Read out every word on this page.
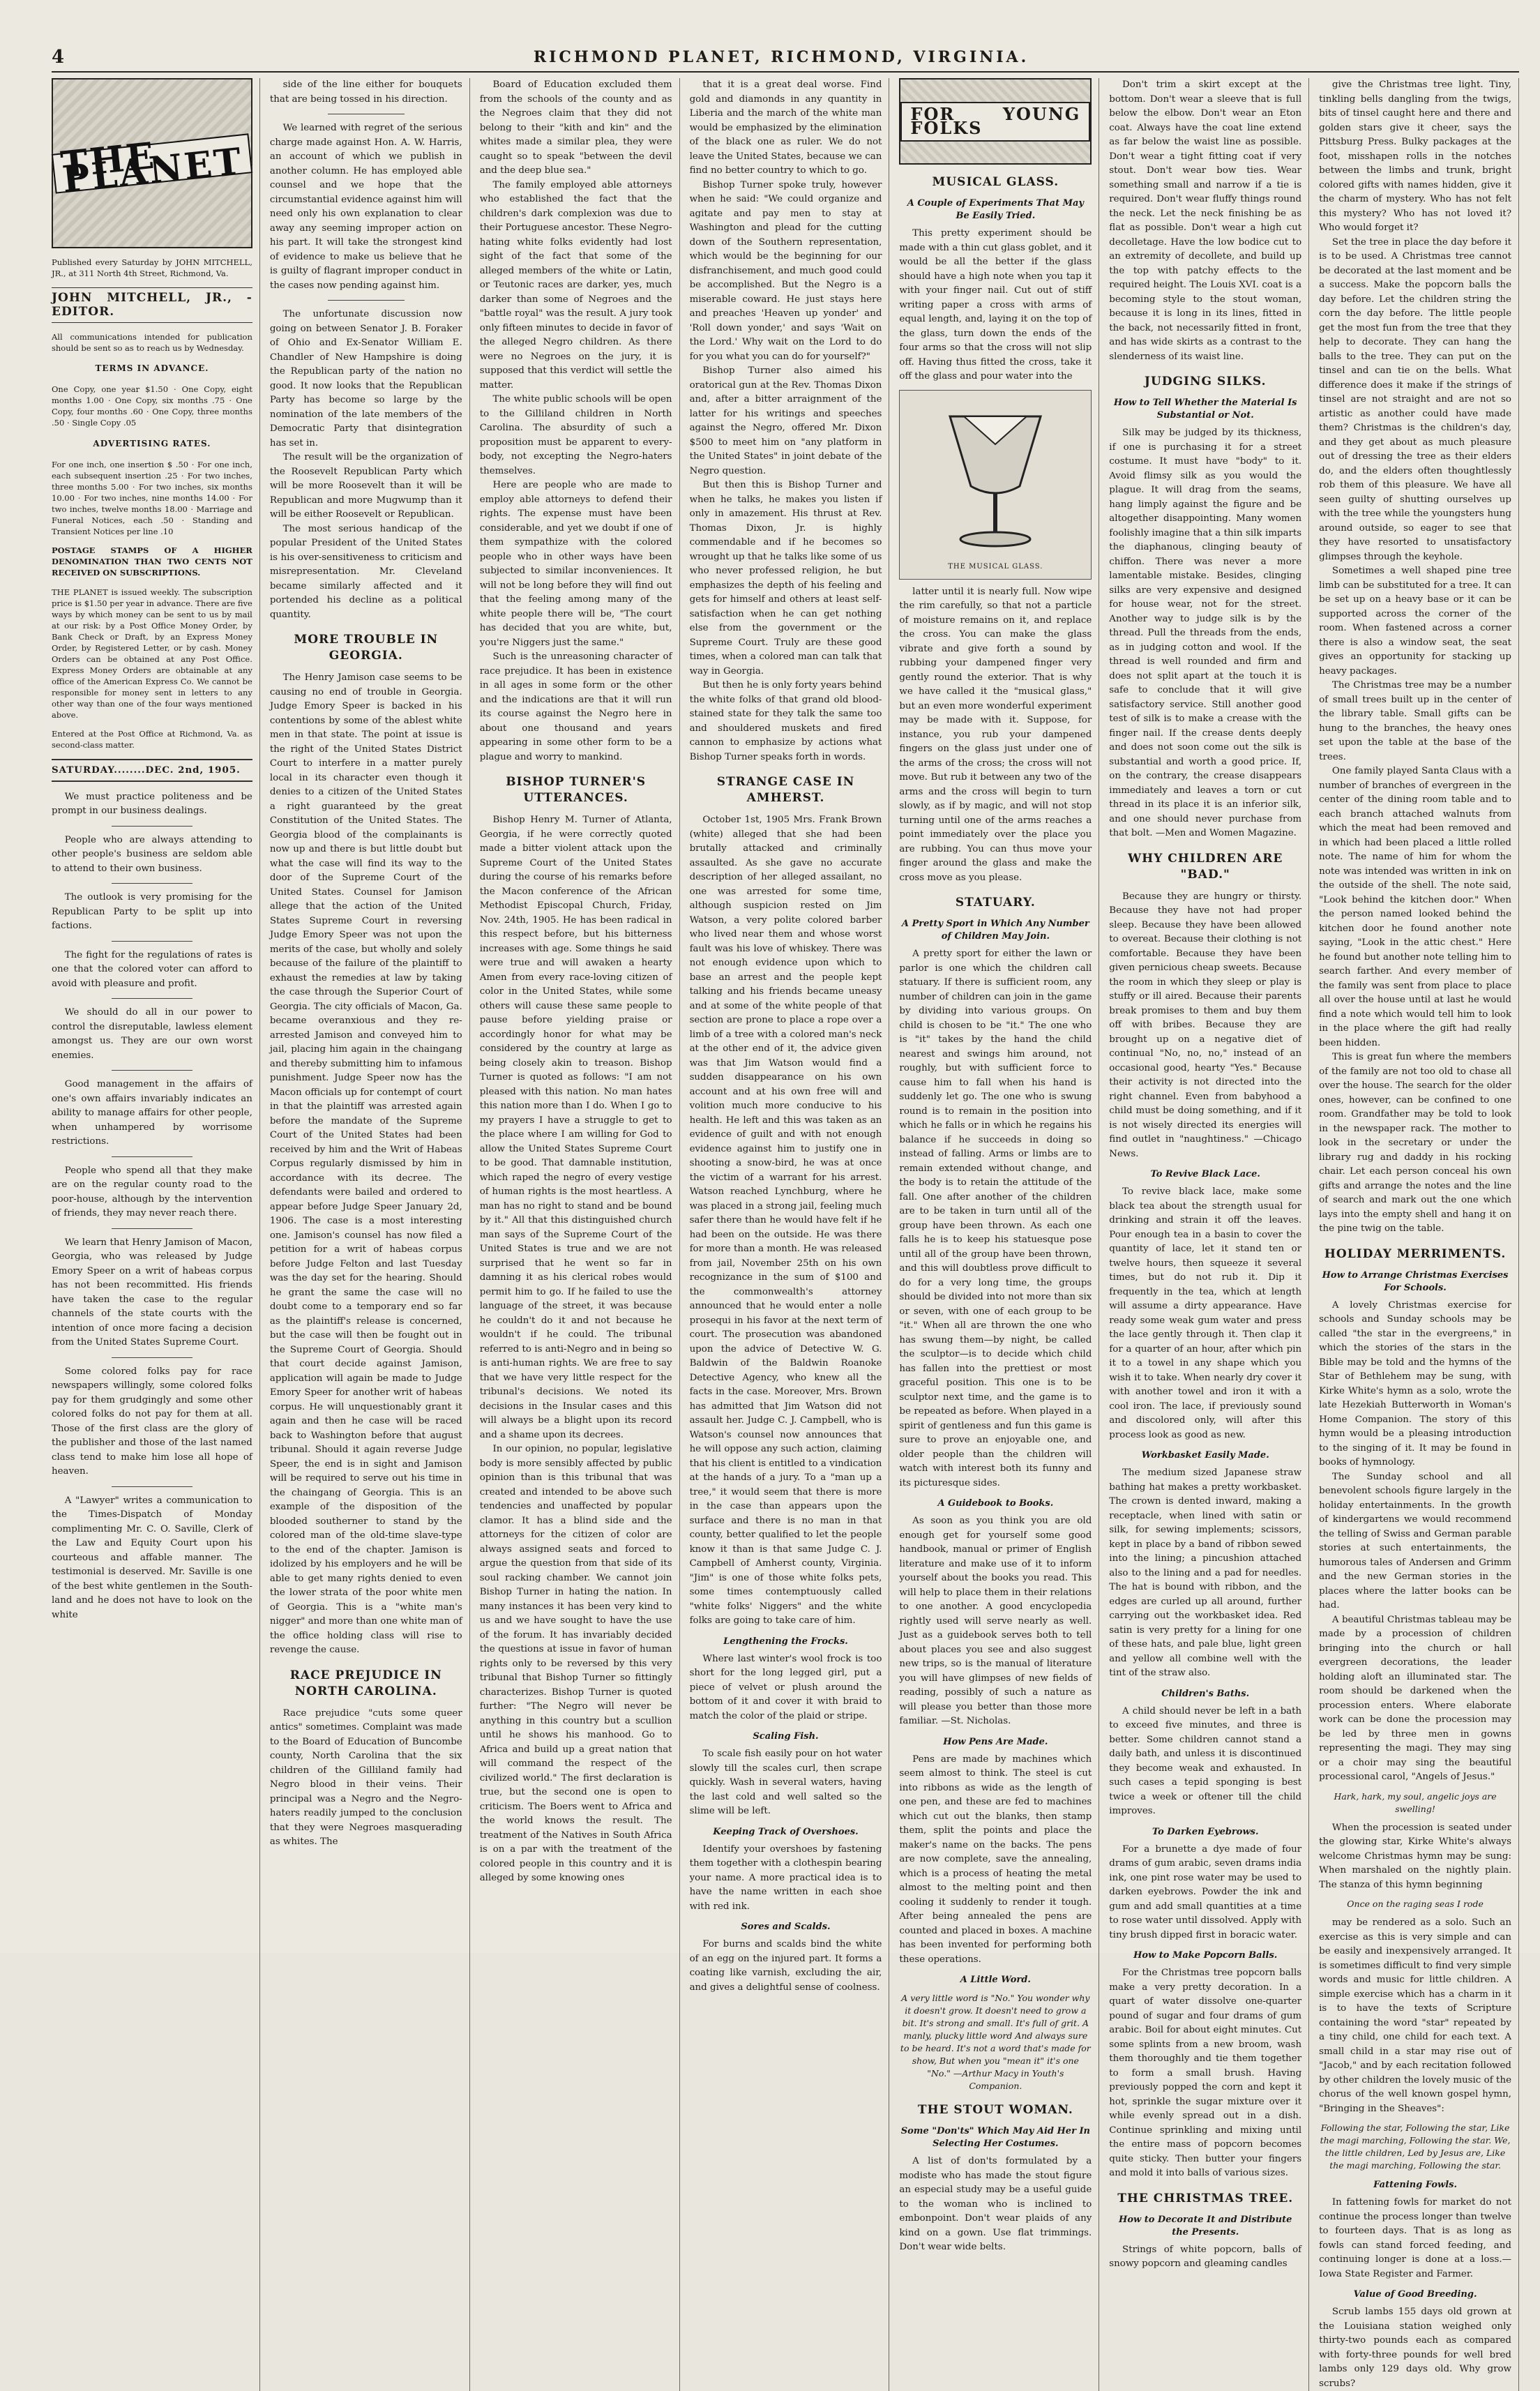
4	RICHMOND PLANET, RICHMOND, VIRGINIA.
THE PLANET

Published every Saturday by JOHN MITCHELL, JR., at 311 North 4th Street, Richmond, Va.

JOHN MITCHELL, JR., - EDITOR.

All communications intended for publication should be sent so as to reach us by Wednesday.

TERMS IN ADVANCE.

One Copy, one year $1.50 · One Copy, eight months 1.00 · One Copy, six months .75 · One Copy, four months .60 · One Copy, three months .50 · Single Copy .05

ADVERTISING RATES.

For one inch, one insertion $ .50 · For one inch, each subsequent insertion .25 · For two inches, three months 5.00 · For two inches, six months 10.00 · For two inches, nine months 14.00 · For two inches, twelve months 18.00 · Marriage and Funeral Notices, each .50 · Standing and Transient Notices per line .10

POSTAGE STAMPS OF A HIGHER DENOMINATION THAN TWO CENTS NOT RECEIVED ON SUBSCRIPTIONS.

THE PLANET is issued weekly. The subscription price is $1.50 per year in advance. There are five ways by which money can be sent to us by mail at our risk: by a Post Office Money Order, by Bank Check or Draft, by an Express Money Order, by Registered Letter, or by cash. Money Orders can be obtained at any Post Office. Express Money Orders are obtainable at any office of the American Express Co. We cannot be responsible for money sent in letters to any other way than one of the four ways mentioned above.

Entered at the Post Office at Richmond, Va. as second-class matter.

SATURDAY........DEC. 2nd, 1905.

We must practice politeness and be prompt in our business dealings.

People who are always attending to other people's business are seldom able to attend to their own business.

The outlook is very promising for the Republican Party to be split up into factions.

The fight for the regulations of rates is one that the colored voter can afford to avoid with pleasure and profit.

We should do all in our power to control the disreputable, lawless element amongst us. They are our own worst enemies.

Good management in the affairs of one's own affairs invariably indicates an ability to manage affairs for other people, when unhampered by worrisome restrictions.

People who spend all that they make are on the regular county road to the poor-house, although by the intervention of friends, they may never reach there.

We learn that Henry Jamison of Macon, Georgia, who was released by Judge Emory Speer on a writ of habeas corpus has not been recommitted. His friends have taken the case to the regular channels of the state courts with the intention of once more facing a decision from the United States Supreme Court.

Some colored folks pay for race newspapers willingly, some colored folks pay for them grudgingly and some other colored folks do not pay for them at all. Those of the first class are the glory of the publisher and those of the last named class tend to make him lose all hope of heaven.

A "Lawyer" writes a communication to the Times-Dispatch of Monday complimenting Mr. C. O. Saville, Clerk of the Law and Equity Court upon his courteous and affable manner. The testimonial is deserved. Mr. Saville is one of the best white gentlemen in the South-land and he does not have to look on the white

side of the line either for bouquets that are being tossed in his direction.

We learned with regret of the serious charge made against Hon. A. W. Harris, an account of which we publish in another column. He has employed able counsel and we hope that the circumstantial evidence against him will need only his own explanation to clear away any seeming improper action on his part. It will take the strongest kind of evidence to make us believe that he is guilty of flagrant improper conduct in the cases now pending against him.

The unfortunate discussion now going on between Senator J. B. Foraker of Ohio and Ex-Senator William E. Chandler of New Hampshire is doing the Republican party of the nation no good. It now looks that the Republican Party has become so large by the nomination of the late members of the Democratic Party that disintegration has set in.

The result will be the organization of the Roosevelt Republican Party which will be more Roosevelt than it will be Republican and more Mugwump than it will be either Roosevelt or Republican.

The most serious handicap of the popular President of the United States is his over-sensitiveness to criticism and misrepresentation. Mr. Cleveland became similarly affected and it portended his decline as a political quantity.

MORE TROUBLE IN GEORGIA.

The Henry Jamison case seems to be causing no end of trouble in Georgia. Judge Emory Speer is backed in his contentions by some of the ablest white men in that state. The point at issue is the right of the United States District Court to interfere in a matter purely local in its character even though it denies to a citizen of the United States a right guaranteed by the great Constitution of the United States. The Georgia blood of the complainants is now up and there is but little doubt but what the case will find its way to the door of the Supreme Court of the United States. Counsel for Jamison allege that the action of the United States Supreme Court in reversing Judge Emory Speer was not upon the merits of the case, but wholly and solely because of the failure of the plaintiff to exhaust the remedies at law by taking the case through the Superior Court of Georgia. The city officials of Macon, Ga. became overanxious and they re-arrested Jamison and conveyed him to jail, placing him again in the chaingang and thereby submitting him to infamous punishment. Judge Speer now has the Macon officials up for contempt of court in that the plaintiff was arrested again before the mandate of the Supreme Court of the United States had been received by him and the Writ of Habeas Corpus regularly dismissed by him in accordance with its decree. The defendants were bailed and ordered to appear before Judge Speer January 2d, 1906. The case is a most interesting one. Jamison's counsel has now filed a petition for a writ of habeas corpus before Judge Felton and last Tuesday was the day set for the hearing. Should he grant the same the case will no doubt come to a temporary end so far as the plaintiff's release is concerned, but the case will then be fought out in the Supreme Court of Georgia. Should that court decide against Jamison, application will again be made to Judge Emory Speer for another writ of habeas corpus. He will unquestionably grant it again and then he case will be raced back to Washington before that august tribunal. Should it again reverse Judge Speer, the end is in sight and Jamison will be required to serve out his time in the chaingang of Georgia. This is an example of the disposition of the blooded southerner to stand by the colored man of the old-time slave-type to the end of the chapter. Jamison is idolized by his employers and he will be able to get many rights denied to even the lower strata of the poor white men of Georgia. This is a "white man's nigger" and more than one white man of the office holding class will rise to revenge the cause.

RACE PREJUDICE IN NORTH CAROLINA.

Race prejudice "cuts some queer antics" sometimes. Complaint was made to the Board of Education of Buncombe county, North Carolina that the six children of the Gilliland family had Negro blood in their veins. Their principal was a Negro and the Negro-haters readily jumped to the conclusion that they were Negroes masquerading as whites. The

Board of Education excluded them from the schools of the county and as the Negroes claim that they did not belong to their "kith and kin" and the whites made a similar plea, they were caught so to speak "between the devil and the deep blue sea."

The family employed able attorneys who established the fact that the children's dark complexion was due to their Portuguese ancestor. These Negro-hating white folks evidently had lost sight of the fact that some of the alleged members of the white or Latin, or Teutonic races are darker, yes, much darker than some of Negroes and the "battle royal" was the result. A jury took only fifteen minutes to decide in favor of the alleged Negro children. As there were no Negroes on the jury, it is supposed that this verdict will settle the matter.

The white public schools will be open to the Gilliland children in North Carolina. The absurdity of such a proposition must be apparent to every-body, not excepting the Negro-haters themselves.

Here are people who are made to employ able attorneys to defend their rights. The expense must have been considerable, and yet we doubt if one of them sympathize with the colored people who in other ways have been subjected to similar inconveniences. It will not be long before they will find out that the feeling among many of the white people there will be, "The court has decided that you are white, but, you're Niggers just the same."

Such is the unreasoning character of race prejudice. It has been in existence in all ages in some form or the other and the indications are that it will run its course against the Negro here in about one thousand and years appearing in some other form to be a plague and worry to mankind.

BISHOP TURNER'S UTTERANCES.

Bishop Henry M. Turner of Atlanta, Georgia, if he were correctly quoted made a bitter violent attack upon the Supreme Court of the United States during the course of his remarks before the Macon conference of the African Methodist Episcopal Church, Friday, Nov. 24th, 1905. He has been radical in this respect before, but his bitterness increases with age. Some things he said were true and will awaken a hearty Amen from every race-loving citizen of color in the United States, while some others will cause these same people to pause before yielding praise or accordingly honor for what may be considered by the country at large as being closely akin to treason. Bishop Turner is quoted as follows: "I am not pleased with this nation. No man hates this nation more than I do. When I go to my prayers I have a struggle to get to the place where I am willing for God to allow the United States Supreme Court to be good. That damnable institution, which raped the negro of every vestige of human rights is the most heartless. A man has no right to stand and be bound by it." All that this distinguished church man says of the Supreme Court of the United States is true and we are not surprised that he went so far in damning it as his clerical robes would permit him to go. If he failed to use the language of the street, it was because he couldn't do it and not because he wouldn't if he could. The tribunal referred to is anti-Negro and in being so is anti-human rights. We are free to say that we have very little respect for the tribunal's decisions. We noted its decisions in the Insular cases and this will always be a blight upon its record and a shame upon its decrees.

In our opinion, no popular, legislative body is more sensibly affected by public opinion than is this tribunal that was created and intended to be above such tendencies and unaffected by popular clamor. It has a blind side and the attorneys for the citizen of color are always assigned seats and forced to argue the question from that side of its soul racking chamber. We cannot join Bishop Turner in hating the nation. In many instances it has been very kind to us and we have sought to have the use of the forum. It has invariably decided the questions at issue in favor of human rights only to be reversed by this very tribunal that Bishop Turner so fittingly characterizes. Bishop Turner is quoted further: "The Negro will never be anything in this country but a scullion until he shows his manhood. Go to Africa and build up a great nation that will command the respect of the civilized world." The first declaration is true, but the second one is open to criticism. The Boers went to Africa and the world knows the result. The treatment of the Natives in South Africa is on a par with the treatment of the colored people in this country and it is alleged by some knowing ones

that it is a great deal worse. Find gold and diamonds in any quantity in Liberia and the march of the white man would be emphasized by the elimination of the black one as ruler. We do not leave the United States, because we can find no better country to which to go.

Bishop Turner spoke truly, however when he said: "We could organize and agitate and pay men to stay at Washington and plead for the cutting down of the Southern representation, which would be the beginning for our disfranchisement, and much good could be accomplished. But the Negro is a miserable coward. He just stays here and preaches 'Heaven up yonder' and 'Roll down yonder,' and says 'Wait on the Lord.' Why wait on the Lord to do for you what you can do for yourself?"

Bishop Turner also aimed his oratorical gun at the Rev. Thomas Dixon and, after a bitter arraignment of the latter for his writings and speeches against the Negro, offered Mr. Dixon $500 to meet him on "any platform in the United States" in joint debate of the Negro question.

But then this is Bishop Turner and when he talks, he makes you listen if only in amazement. His thrust at Rev. Thomas Dixon, Jr. is highly commendable and if he becomes so wrought up that he talks like some of us who never professed religion, he but emphasizes the depth of his feeling and gets for himself and others at least self-satisfaction when he can get nothing else from the government or the Supreme Court. Truly are these good times, when a colored man can talk that way in Georgia.

But then he is only forty years behind the white folks of that grand old blood-stained state for they talk the same too and shouldered muskets and fired cannon to emphasize by actions what Bishop Turner speaks forth in words.

STRANGE CASE IN AMHERST.

October 1st, 1905 Mrs. Frank Brown (white) alleged that she had been brutally attacked and criminally assaulted. As she gave no accurate description of her alleged assailant, no one was arrested for some time, although suspicion rested on Jim Watson, a very polite colored barber who lived near them and whose worst fault was his love of whiskey. There was not enough evidence upon which to base an arrest and the people kept talking and his friends became uneasy and at some of the white people of that section are prone to place a rope over a limb of a tree with a colored man's neck at the other end of it, the advice given was that Jim Watson would find a sudden disappearance on his own account and at his own free will and volition much more conducive to his health. He left and this was taken as an evidence of guilt and with not enough evidence against him to justify one in shooting a snow-bird, he was at once the victim of a warrant for his arrest. Watson reached Lynchburg, where he was placed in a strong jail, feeling much safer there than he would have felt if he had been on the outside. He was there for more than a month. He was released from jail, November 25th on his own recognizance in the sum of $100 and the commonwealth's attorney announced that he would enter a nolle prosequi in his favor at the next term of court. The prosecution was abandoned upon the advice of Detective W. G. Baldwin of the Baldwin Roanoke Detective Agency, who knew all the facts in the case. Moreover, Mrs. Brown has admitted that Jim Watson did not assault her. Judge C. J. Campbell, who is Watson's counsel now announces that he will oppose any such action, claiming that his client is entitled to a vindication at the hands of a jury. To a "man up a tree," it would seem that there is more in the case than appears upon the surface and there is no man in that county, better qualified to let the people know it than is that same Judge C. J. Campbell of Amherst county, Virginia. "Jim" is one of those white folks pets, some times contemptuously called "white folks' Niggers" and the white folks are going to take care of him.

Lengthening the Frocks.

Where last winter's wool frock is too short for the long legged girl, put a piece of velvet or plush around the bottom of it and cover it with braid to match the color of the plaid or stripe.

Scaling Fish.

To scale fish easily pour on hot water slowly till the scales curl, then scrape quickly. Wash in several waters, having the last cold and well salted so the slime will be left.

Keeping Track of Overshoes.

Identify your overshoes by fastening them together with a clothespin bearing your name. A more practical idea is to have the name written in each shoe with red ink.

Sores and Scalds.

For burns and scalds bind the white of an egg on the injured part. It forms a coating like varnish, excluding the air, and gives a delightful sense of coolness.

FOR YOUNG FOLKS
MUSICAL GLASS.
A Couple of Experiments That May Be Easily Tried.

This pretty experiment should be made with a thin cut glass goblet, and it would be all the better if the glass should have a high note when you tap it with your finger nail. Cut out of stiff writing paper a cross with arms of equal length, and, laying it on the top of the glass, turn down the ends of the four arms so that the cross will not slip off. Having thus fitted the cross, take it off the glass and pour water into the

THE MUSICAL GLASS.

latter until it is nearly full. Now wipe the rim carefully, so that not a particle of moisture remains on it, and replace the cross. You can make the glass vibrate and give forth a sound by rubbing your dampened finger very gently round the exterior. That is why we have called it the "musical glass," but an even more wonderful experiment may be made with it. Suppose, for instance, you rub your dampened fingers on the glass just under one of the arms of the cross; the cross will not move. But rub it between any two of the arms and the cross will begin to turn slowly, as if by magic, and will not stop turning until one of the arms reaches a point immediately over the place you are rubbing. You can thus move your finger around the glass and make the cross move as you please.

STATUARY.
A Pretty Sport in Which Any Number of Children May Join.

A pretty sport for either the lawn or parlor is one which the children call statuary. If there is sufficient room, any number of children can join in the game by dividing into various groups. On child is chosen to be "it." The one who is "it" takes by the hand the child nearest and swings him around, not roughly, but with sufficient force to cause him to fall when his hand is suddenly let go. The one who is swung round is to remain in the position into which he falls or in which he regains his balance if he succeeds in doing so instead of falling. Arms or limbs are to remain extended without change, and the body is to retain the attitude of the fall. One after another of the children are to be taken in turn until all of the group have been thrown. As each one falls he is to keep his statuesque pose until all of the group have been thrown, and this will doubtless prove difficult to do for a very long time, the groups should be divided into not more than six or seven, with one of each group to be "it." When all are thrown the one who has swung them—by night, be called the sculptor—is to decide which child has fallen into the prettiest or most graceful position. This one is to be sculptor next time, and the game is to be repeated as before. When played in a spirit of gentleness and fun this game is sure to prove an enjoyable one, and older people than the children will watch with interest both its funny and its picturesque sides.

A Guidebook to Books.

As soon as you think you are old enough get for yourself some good handbook, manual or primer of English literature and make use of it to inform yourself about the books you read. This will help to place them in their relations to one another. A good encyclopedia rightly used will serve nearly as well. Just as a guidebook serves both to tell about places you see and also suggest new trips, so is the manual of literature you will have glimpses of new fields of reading, possibly of such a nature as will please you better than those more familiar. —St. Nicholas.

How Pens Are Made.

Pens are made by machines which seem almost to think. The steel is cut into ribbons as wide as the length of one pen, and these are fed to machines which cut out the blanks, then stamp them, split the points and place the maker's name on the backs. The pens are now complete, save the annealing, which is a process of heating the metal almost to the melting point and then cooling it suddenly to render it tough. After being annealed the pens are counted and placed in boxes. A machine has been invented for performing both these operations.

A Little Word.

A very little word is "No." You wonder why it doesn't grow. It doesn't need to grow a bit. It's strong and small. It's full of grit. A manly, plucky little word And always sure to be heard. It's not a word that's made for show, But when you "mean it" it's one "No." —Arthur Macy in Youth's Companion.

THE STOUT WOMAN.
Some "Don'ts" Which May Aid Her In Selecting Her Costumes.

A list of don'ts formulated by a modiste who has made the stout figure an especial study may be a useful guide to the woman who is inclined to embonpoint. Don't wear plaids of any kind on a gown. Use flat trimmings. Don't wear wide belts.

Don't trim a skirt except at the bottom. Don't wear a sleeve that is full below the elbow. Don't wear an Eton coat. Always have the coat line extend as far below the waist line as possible. Don't wear a tight fitting coat if very stout. Don't wear bow ties. Wear something small and narrow if a tie is required. Don't wear fluffy things round the neck. Let the neck finishing be as flat as possible. Don't wear a high cut decolletage. Have the low bodice cut to an extremity of decollete, and build up the top with patchy effects to the required height. The Louis XVI. coat is a becoming style to the stout woman, because it is long in its lines, fitted in the back, not necessarily fitted in front, and has wide skirts as a contrast to the slenderness of its waist line.

JUDGING SILKS.
How to Tell Whether the Material Is Substantial or Not.

Silk may be judged by its thickness, if one is purchasing it for a street costume. It must have "body" to it. Avoid flimsy silk as you would the plague. It will drag from the seams, hang limply against the figure and be altogether disappointing. Many women foolishly imagine that a thin silk imparts the diaphanous, clinging beauty of chiffon. There was never a more lamentable mistake. Besides, clinging silks are very expensive and designed for house wear, not for the street. Another way to judge silk is by the thread. Pull the threads from the ends, as in judging cotton and wool. If the thread is well rounded and firm and does not split apart at the touch it is safe to conclude that it will give satisfactory service. Still another good test of silk is to make a crease with the finger nail. If the crease dents deeply and does not soon come out the silk is substantial and worth a good price. If, on the contrary, the crease disappears immediately and leaves a torn or cut thread in its place it is an inferior silk, and one should never purchase from that bolt. —Men and Women Magazine.

WHY CHILDREN ARE "BAD."

Because they are hungry or thirsty. Because they have not had proper sleep. Because they have been allowed to overeat. Because their clothing is not comfortable. Because they have been given pernicious cheap sweets. Because the room in which they sleep or play is stuffy or ill aired. Because their parents break promises to them and buy them off with bribes. Because they are brought up on a negative diet of continual "No, no, no," instead of an occasional good, hearty "Yes." Because their activity is not directed into the right channel. Even from babyhood a child must be doing something, and if it is not wisely directed its energies will find outlet in "naughtiness." —Chicago News.

To Revive Black Lace.

To revive black lace, make some black tea about the strength usual for drinking and strain it off the leaves. Pour enough tea in a basin to cover the quantity of lace, let it stand ten or twelve hours, then squeeze it several times, but do not rub it. Dip it frequently in the tea, which at length will assume a dirty appearance. Have ready some weak gum water and press the lace gently through it. Then clap it for a quarter of an hour, after which pin it to a towel in any shape which you wish it to take. When nearly dry cover it with another towel and iron it with a cool iron. The lace, if previously sound and discolored only, will after this process look as good as new.

Workbasket Easily Made.

The medium sized Japanese straw bathing hat makes a pretty workbasket. The crown is dented inward, making a receptacle, when lined with satin or silk, for sewing implements; scissors, kept in place by a band of ribbon sewed into the lining; a pincushion attached also to the lining and a pad for needles. The hat is bound with ribbon, and the edges are curled up all around, further carrying out the workbasket idea. Red satin is very pretty for a lining for one of these hats, and pale blue, light green and yellow all combine well with the tint of the straw also.

Children's Baths.

A child should never be left in a bath to exceed five minutes, and three is better. Some children cannot stand a daily bath, and unless it is discontinued they become weak and exhausted. In such cases a tepid sponging is best twice a week or oftener till the child improves.

To Darken Eyebrows.

For a brunette a dye made of four drams of gum arabic, seven drams india ink, one pint rose water may be used to darken eyebrows. Powder the ink and gum and add small quantities at a time to rose water until dissolved. Apply with tiny brush dipped first in boracic water.

How to Make Popcorn Balls.

For the Christmas tree popcorn balls make a very pretty decoration. In a quart of water dissolve one-quarter pound of sugar and four drams of gum arabic. Boil for about eight minutes. Cut some splints from a new broom, wash them thoroughly and tie them together to form a small brush. Having previously popped the corn and kept it hot, sprinkle the sugar mixture over it while evenly spread out in a dish. Continue sprinkling and mixing until the entire mass of popcorn becomes quite sticky. Then butter your fingers and mold it into balls of various sizes.

THE CHRISTMAS TREE.
How to Decorate It and Distribute the Presents.

Strings of white popcorn, balls of snowy popcorn and gleaming candles

give the Christmas tree light. Tiny, tinkling bells dangling from the twigs, bits of tinsel caught here and there and golden stars give it cheer, says the Pittsburg Press. Bulky packages at the foot, misshapen rolls in the notches between the limbs and trunk, bright colored gifts with names hidden, give it the charm of mystery. Who has not felt this mystery? Who has not loved it? Who would forget it?

Set the tree in place the day before it is to be used. A Christmas tree cannot be decorated at the last moment and be a success. Make the popcorn balls the day before. Let the children string the corn the day before. The little people get the most fun from the tree that they help to decorate. They can hang the balls to the tree. They can put on the tinsel and can tie on the bells. What difference does it make if the strings of tinsel are not straight and are not so artistic as another could have made them? Christmas is the children's day, and they get about as much pleasure out of dressing the tree as their elders do, and the elders often thoughtlessly rob them of this pleasure. We have all seen guilty of shutting ourselves up with the tree while the youngsters hung around outside, so eager to see that they have resorted to unsatisfactory glimpses through the keyhole.

Sometimes a well shaped pine tree limb can be substituted for a tree. It can be set up on a heavy base or it can be supported across the corner of the room. When fastened across a corner there is also a window seat, the seat gives an opportunity for stacking up heavy packages.

The Christmas tree may be a number of small trees built up in the center of the library table. Small gifts can be hung to the branches, the heavy ones set upon the table at the base of the trees.

One family played Santa Claus with a number of branches of evergreen in the center of the dining room table and to each branch attached walnuts from which the meat had been removed and in which had been placed a little rolled note. The name of him for whom the note was intended was written in ink on the outside of the shell. The note said, "Look behind the kitchen door." When the person named looked behind the kitchen door he found another note saying, "Look in the attic chest." Here he found but another note telling him to search farther. And every member of the family was sent from place to place all over the house until at last he would find a note which would tell him to look in the place where the gift had really been hidden.

This is great fun where the members of the family are not too old to chase all over the house. The search for the older ones, however, can be confined to one room. Grandfather may be told to look in the newspaper rack. The mother to look in the secretary or under the library rug and daddy in his rocking chair. Let each person conceal his own gifts and arrange the notes and the line of search and mark out the one which lays into the empty shell and hang it on the pine twig on the table.

HOLIDAY MERRIMENTS.
How to Arrange Christmas Exercises For Schools.

A lovely Christmas exercise for schools and Sunday schools may be called "the star in the evergreens," in which the stories of the stars in the Bible may be told and the hymns of the Star of Bethlehem may be sung, with Kirke White's hymn as a solo, wrote the late Hezekiah Butterworth in Woman's Home Companion. The story of this hymn would be a pleasing introduction to the singing of it. It may be found in books of hymnology.

The Sunday school and all benevolent schools figure largely in the holiday entertainments. In the growth of kindergartens we would recommend the telling of Swiss and German parable stories at such entertainments, the humorous tales of Andersen and Grimm and the new German stories in the places where the latter books can be had.

A beautiful Christmas tableau may be made by a procession of children bringing into the church or hall evergreen decorations, the leader holding aloft an illuminated star. The room should be darkened when the procession enters. Where elaborate work can be done the procession may be led by three men in gowns representing the magi. They may sing or a choir may sing the beautiful processional carol, "Angels of Jesus."

Hark, hark, my soul, angelic joys are swelling!

When the procession is seated under the glowing star, Kirke White's always welcome Christmas hymn may be sung: When marshaled on the nightly plain. The stanza of this hymn beginning

Once on the raging seas I rode

may be rendered as a solo. Such an exercise as this is very simple and can be easily and inexpensively arranged. It is sometimes difficult to find very simple words and music for little children. A simple exercise which has a charm in it is to have the texts of Scripture containing the word "star" repeated by a tiny child, one child for each text. A small child in a star may rise out of "Jacob," and by each recitation followed by other children the lovely music of the chorus of the well known gospel hymn, "Bringing in the Sheaves":

Following the star, Following the star, Like the magi marching, Following the star. We, the little children, Led by Jesus are, Like the magi marching, Following the star.

Fattening Fowls.

In fattening fowls for market do not continue the process longer than twelve to fourteen days. That is as long as fowls can stand forced feeding, and continuing longer is done at a loss.—Iowa State Register and Farmer.

Value of Good Breeding.

Scrub lambs 155 days old grown at the Louisiana station weighed only thirty-two pounds each as compared with forty-three pounds for well bred lambs only 129 days old. Why grow scrubs?
